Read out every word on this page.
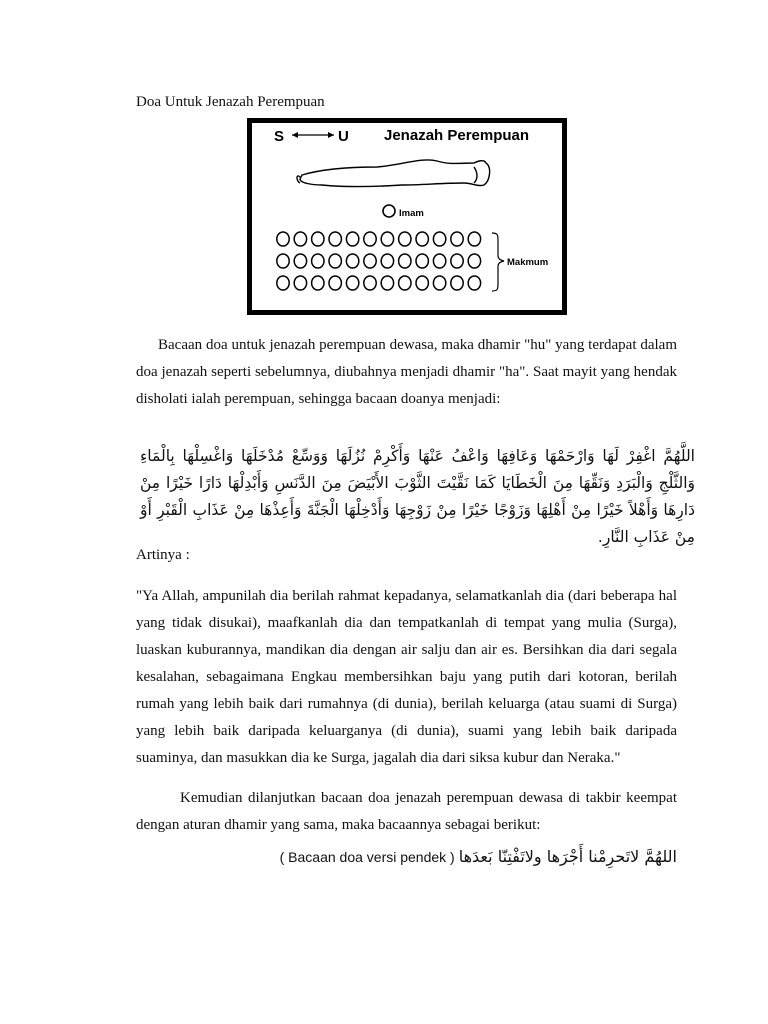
Doa Untuk Jenazah Perempuan
S	U Jenazah Perempuan
Imam
Makmum

Bacaan doa untuk jenazah perempuan dewasa, maka dhamir "hu" yang terdapat dalam doa jenazah seperti sebelumnya, diubahnya menjadi dhamir "ha". Saat mayit yang hendak disholati ialah perempuan, sehingga bacaan doanya menjadi:

اللَّهُمَّ اغْفِرْ لَهَا وَارْحَمْهَا وَعَافِهَا وَاعْفُ عَنْهَا وَأَكْرِمْ نُزُلَهَا وَوَسِّعْ مُدْخَلَهَا وَاغْسِلْهَا بِالْمَاءِ وَالثَّلْجِ وَالْبَرَدِ وَنَقِّهَا مِنَ الْخَطَايَا كَمَا نَقَّيْتَ الثَّوْبَ الأَبْيَضَ مِنَ الدَّنَسِ وَأَبْدِلْهَا دَارًا خَيْرًا مِنْ دَارِهَا وَأَهْلاً خَيْرًا مِنْ أَهْلِهَا وَزَوْجًا خَيْرًا مِنْ زَوْجِهَا وَأَدْخِلْهَا الْجَنَّةَ وَأَعِذْهَا مِنْ عَذَابِ الْقَبْرِ أَوْ مِنْ عَذَابِ النَّارِ.

Artinya :

"Ya Allah, ampunilah dia berilah rahmat kepadanya, selamatkanlah dia (dari beberapa hal yang tidak disukai), maafkanlah dia dan tempatkanlah di tempat yang mulia (Surga), luaskan kuburannya, mandikan dia dengan air salju dan air es. Bersihkan dia dari segala kesalahan, sebagaimana Engkau membersihkan baju yang putih dari kotoran, berilah rumah yang lebih baik dari rumahnya (di dunia), berilah keluarga (atau suami di Surga) yang lebih baik daripada keluarganya (di dunia), suami yang lebih baik daripada suaminya, dan masukkan dia ke Surga, jagalah dia dari siksa kubur dan Neraka."

Kemudian dilanjutkan bacaan doa jenazah perempuan dewasa di takbir keempat dengan aturan dhamir yang sama, maka bacaannya sebagai berikut:

( Bacaan doa versi pendek ) اللهُمَّ لاتَحرِمْنا أَجْرَها ولاتَفْتِنّا بَعدَها
